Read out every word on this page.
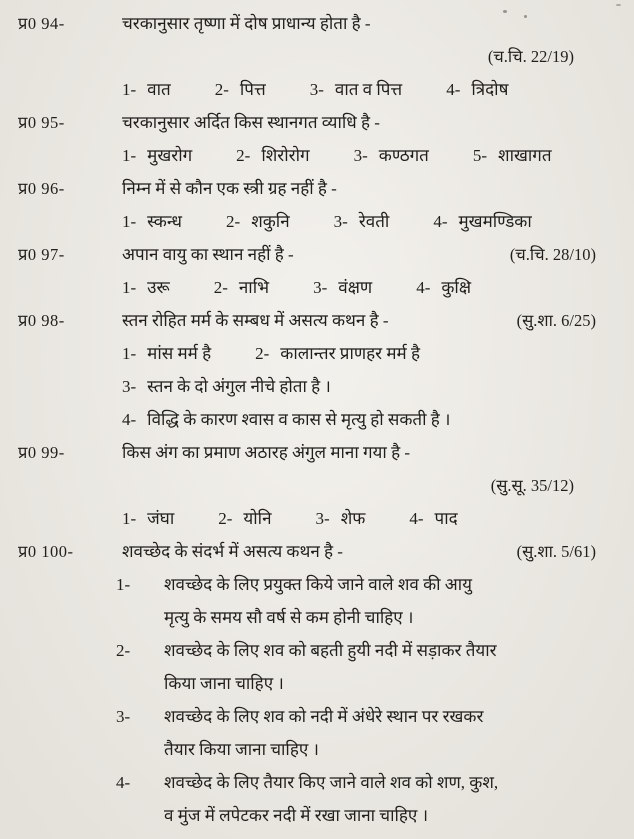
प्र0 94-	चरकानुसार तृष्णा में दोष प्राधान्य होता है -
(च.चि. 22/19)
1- वात	2- पित्त	3- वात व पित्त	4- त्रिदोष
प्र0 95-	चरकानुसार अर्दित किस स्थानगत व्याधि है -
1- मुखरोग	2- शिरोरोग	3- कण्ठगत	5- शाखागत
प्र0 96-	निम्न में से कौन एक स्त्री ग्रह नहीं है -
1- स्कन्ध	2- शकुनि	3- रेवती	4- मुखमण्डिका
प्र0 97-	अपान वायु का स्थान नहीं है -	(च.चि. 28/10)
1- उरू	2- नाभि	3- वंक्षण	4- कुक्षि
प्र0 98-	स्तन रोहित मर्म के सम्बध में असत्य कथन है -	(सु.शा. 6/25)
1- मांस मर्म है	2- कालान्तर प्राणहर मर्म है
3- स्तन के दो अंगुल नीचे होता है ।
4- विद्धि के कारण श्वास व कास से मृत्यु हो सकती है ।
प्र0 99-	किस अंग का प्रमाण अठारह अंगुल माना गया है -
(सु.सू. 35/12)
1- जंघा	2- योनि	3- शेफ	4- पाद
प्र0 100-	शवच्छेद के संदर्भ में असत्य कथन है -	(सु.शा. 5/61)
1-	शवच्छेद के लिए प्रयुक्त किये जाने वाले शव की आयु
मृत्यु के समय सौ वर्ष से कम होनी चाहिए ।
2-	शवच्छेद के लिए शव को बहती हुयी नदी में सड़ाकर तैयार
किया जाना चाहिए ।
3-	शवच्छेद के लिए शव को नदी में अंधेरे स्थान पर रखकर
तैयार किया जाना चाहिए ।
4-	शवच्छेद के लिए तैयार किए जाने वाले शव को शण, कुश,
व मुंज में लपेटकर नदी में रखा जाना चाहिए ।
